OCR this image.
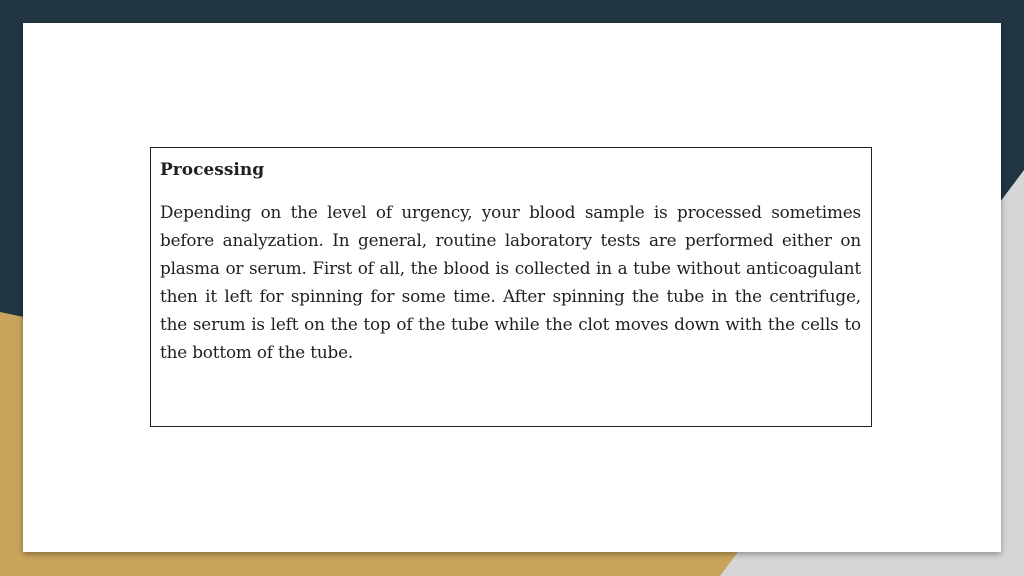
Processing

Depending on the level of urgency, your blood sample is processed sometimes before analyzation. In general, routine laboratory tests are performed either on plasma or serum. First of all, the blood is collected in a tube without anticoagulant then it left for spinning for some time. After spinning the tube in the centrifuge, the serum is left on the top of the tube while the clot moves down with the cells to the bottom of the tube.
